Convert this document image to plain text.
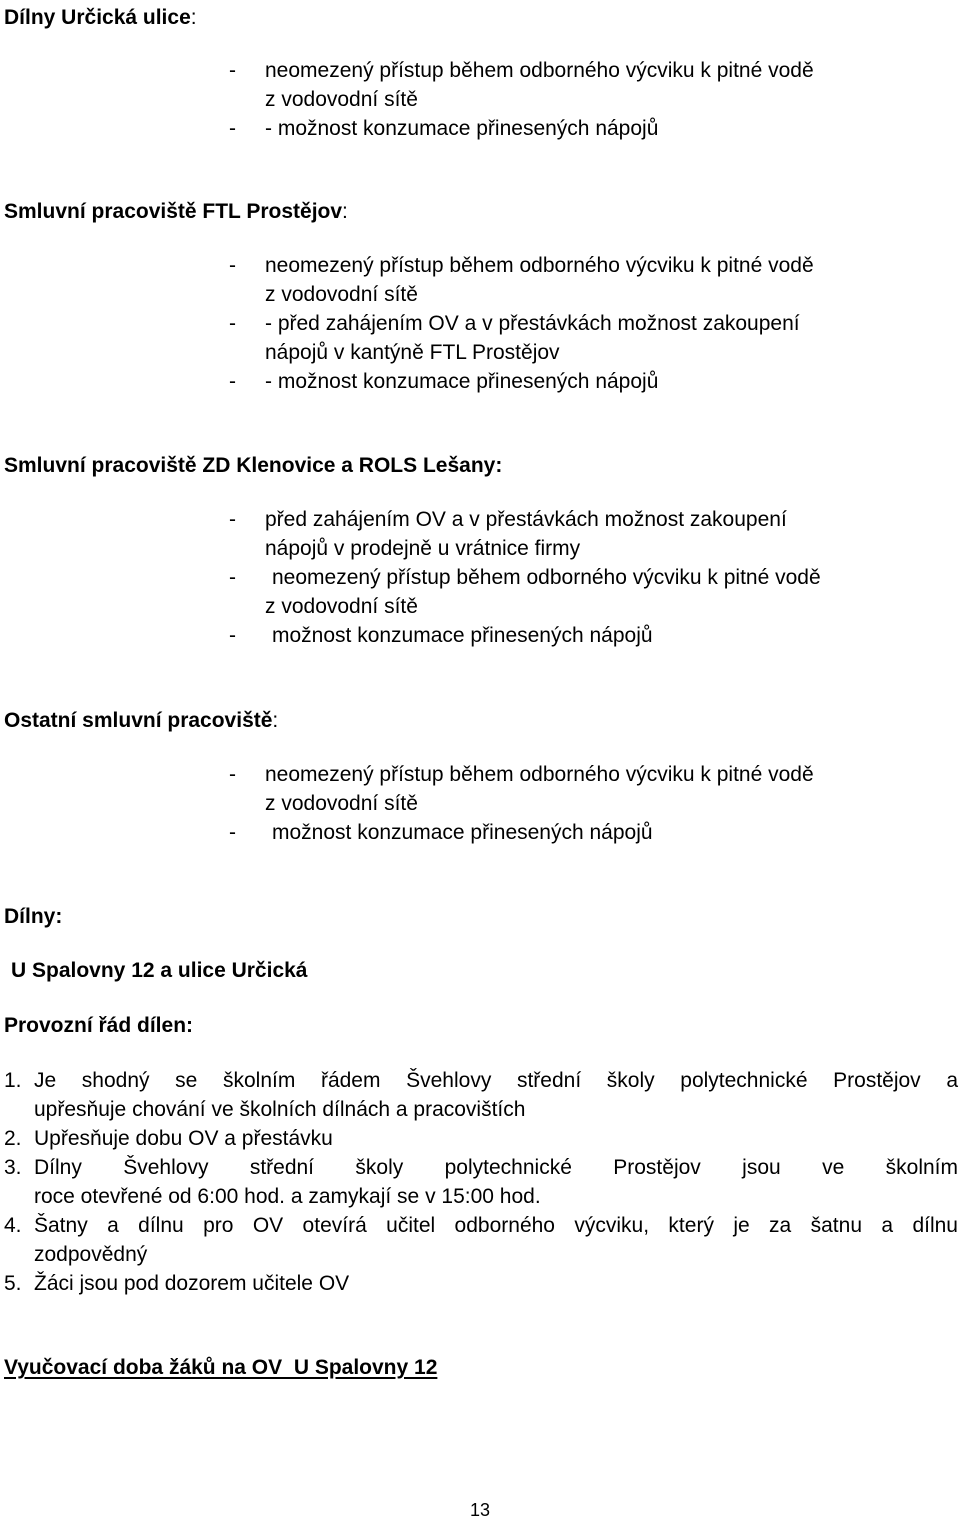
Dílny Určická ulice:
- neomezený přístup během odborného výcviku k pitné vodě
z vodovodní sítě
- - možnost konzumace přinesených nápojů
Smluvní pracoviště FTL Prostějov:
- neomezený přístup během odborného výcviku k pitné vodě
z vodovodní sítě
- - před zahájením OV a v přestávkách možnost zakoupení
nápojů v kantýně FTL Prostějov
- - možnost konzumace přinesených nápojů
Smluvní pracoviště ZD Klenovice a ROLS Lešany:
- před zahájením OV a v přestávkách možnost zakoupení
nápojů v prodejně u vrátnice firmy
- neomezený přístup během odborného výcviku k pitné vodě
z vodovodní sítě
- možnost konzumace přinesených nápojů
Ostatní smluvní pracoviště:
- neomezený přístup během odborného výcviku k pitné vodě
z vodovodní sítě
- možnost konzumace přinesených nápojů
Dílny:
U Spalovny 12 a ulice Určická
Provozní řád dílen:
1. Je shodný se školním řádem Švehlovy střední školy polytechnické Prostějov a
upřesňuje chování ve školních dílnách a pracovištích
2. Upřesňuje dobu OV a přestávku
3. Dílny Švehlovy střední školy polytechnické Prostějov jsou ve školním
roce otevřené od 6:00 hod. a zamykají se v 15:00 hod.
4. Šatny a dílnu pro OV otevírá učitel odborného výcviku, který je za šatnu a dílnu
zodpovědný
5. Žáci jsou pod dozorem učitele OV
Vyučovací doba žáků na OV  U Spalovny 12
13
